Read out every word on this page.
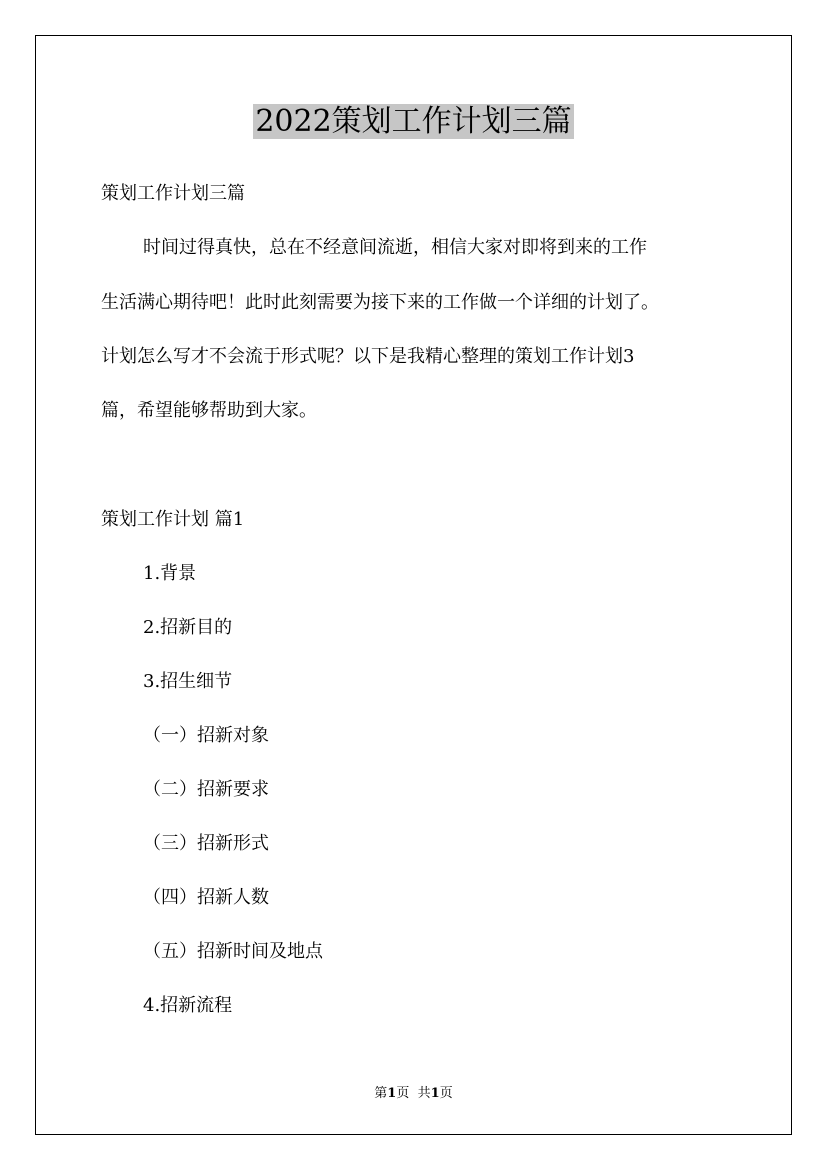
2022策划工作计划三篇
策划工作计划三篇
时间过得真快，总在不经意间流逝，相信大家对即将到来的工作
生活满心期待吧！此时此刻需要为接下来的工作做一个详细的计划了。
计划怎么写才不会流于形式呢？以下是我精心整理的策划工作计划3
篇，希望能够帮助到大家。
策划工作计划 篇1
1.背景
2.招新目的
3.招生细节
（一）招新对象
（二）招新要求
（三）招新形式
（四）招新人数
（五）招新时间及地点
4.招新流程
第1页 共1页
